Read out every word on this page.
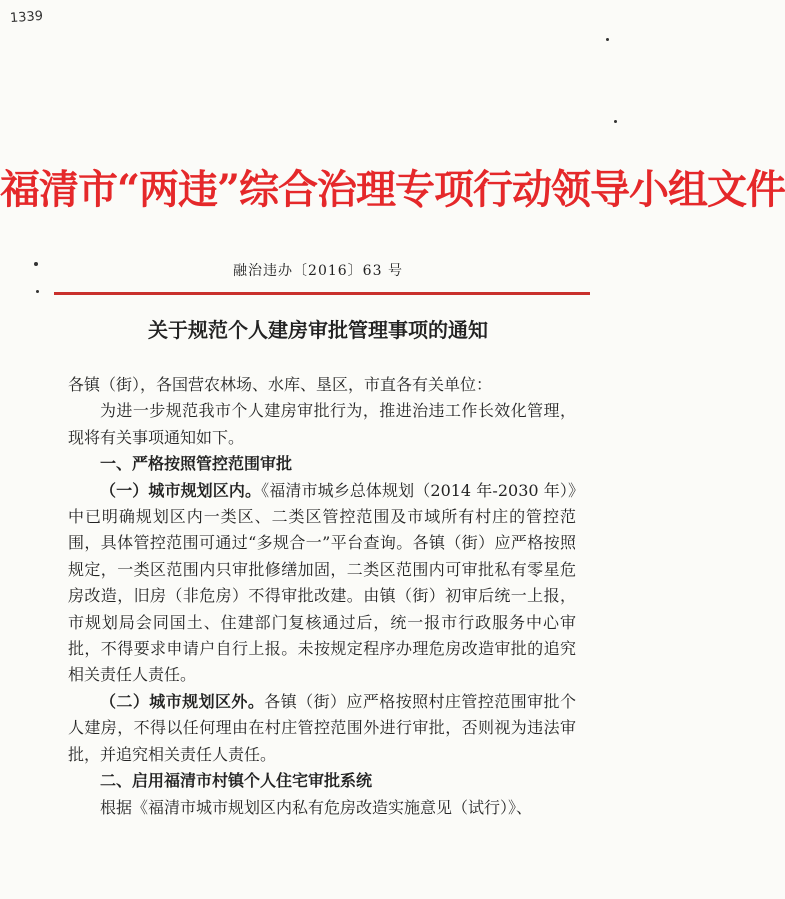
1339
福清市“两违”综合治理专项行动领导小组文件
融治违办〔2016〕63 号
关于规范个人建房审批管理事项的通知

各镇（街），各国营农林场、水库、垦区，市直各有关单位：

为进一步规范我市个人建房审批行为，推进治违工作长效化管理，现将有关事项通知如下。

一、严格按照管控范围审批

（一）城市规划区内。《福清市城乡总体规划（2014 年-2030 年）》中已明确规划区内一类区、二类区管控范围及市域所有村庄的管控范围，具体管控范围可通过“多规合一”平台查询。各镇（街）应严格按照规定，一类区范围内只审批修缮加固，二类区范围内可审批私有零星危房改造，旧房（非危房）不得审批改建。由镇（街）初审后统一上报，市规划局会同国土、住建部门复核通过后，统一报市行政服务中心审批，不得要求申请户自行上报。未按规定程序办理危房改造审批的追究相关责任人责任。

（二）城市规划区外。各镇（街）应严格按照村庄管控范围审批个人建房，不得以任何理由在村庄管控范围外进行审批，否则视为违法审批，并追究相关责任人责任。

二、启用福清市村镇个人住宅审批系统

根据《福清市城市规划区内私有危房改造实施意见（试行）》、
